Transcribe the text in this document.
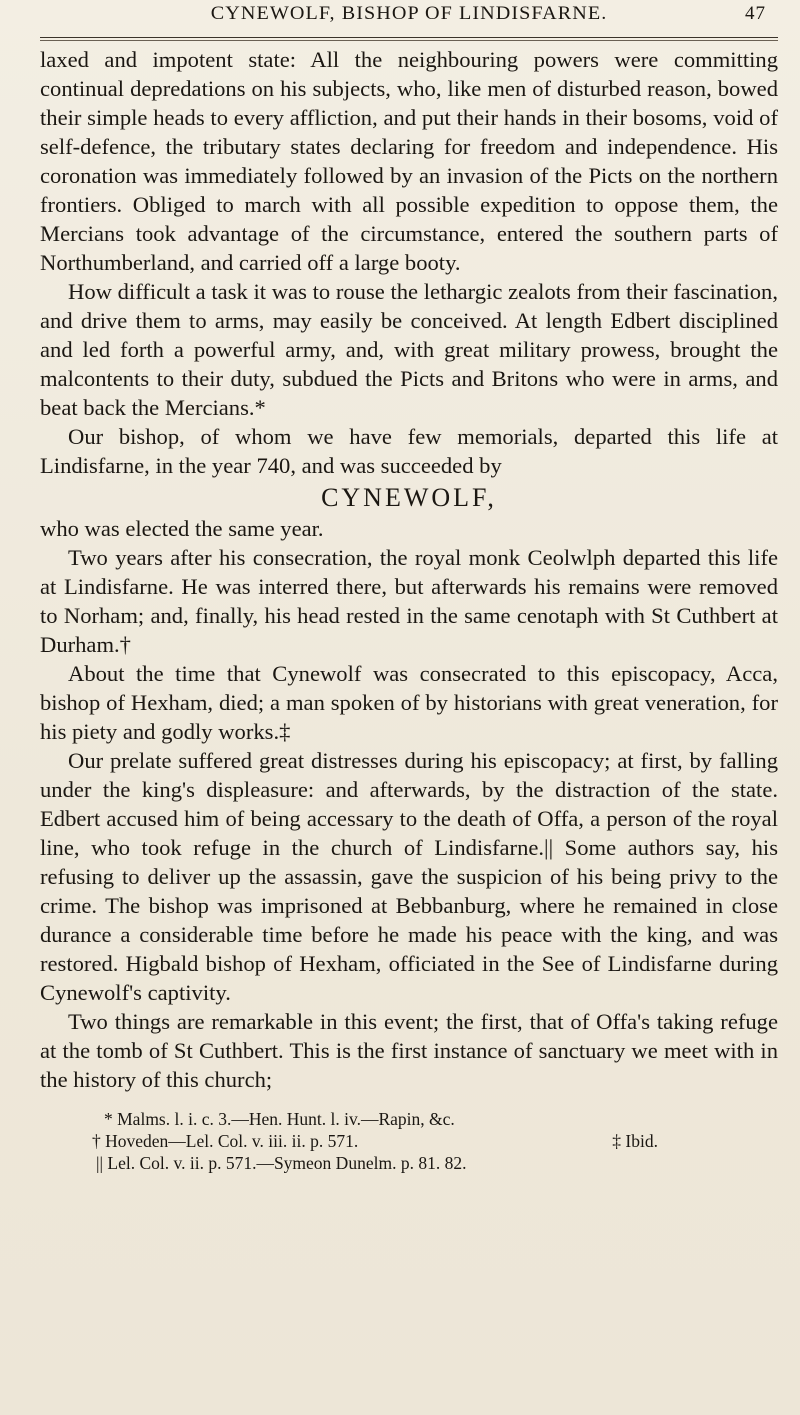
CYNEWOLF, BISHOP OF LINDISFARNE.	47

laxed and impotent state: All the neighbouring powers were committing continual depredations on his subjects, who, like men of disturbed reason, bowed their simple heads to every affliction, and put their hands in their bosoms, void of self-defence, the tributary states declaring for freedom and independence. His coronation was immediately followed by an invasion of the Picts on the northern frontiers. Obliged to march with all possible expedition to oppose them, the Mercians took advantage of the circumstance, entered the southern parts of Northumberland, and carried off a large booty.

How difficult a task it was to rouse the lethargic zealots from their fascination, and drive them to arms, may easily be conceived. At length Edbert disciplined and led forth a powerful army, and, with great military prowess, brought the malcontents to their duty, subdued the Picts and Britons who were in arms, and beat back the Mercians.*

Our bishop, of whom we have few memorials, departed this life at Lindisfarne, in the year 740, and was succeeded by

CYNEWOLF,

who was elected the same year.

Two years after his consecration, the royal monk Ceolwlph departed this life at Lindisfarne. He was interred there, but afterwards his remains were removed to Norham; and, finally, his head rested in the same cenotaph with St Cuthbert at Durham.†

About the time that Cynewolf was consecrated to this episcopacy, Acca, bishop of Hexham, died; a man spoken of by historians with great veneration, for his piety and godly works.‡

Our prelate suffered great distresses during his episcopacy; at first, by falling under the king's displeasure: and afterwards, by the distraction of the state. Edbert accused him of being accessary to the death of Offa, a person of the royal line, who took refuge in the church of Lindisfarne.|| Some authors say, his refusing to deliver up the assassin, gave the suspicion of his being privy to the crime. The bishop was imprisoned at Bebbanburg, where he remained in close durance a considerable time before he made his peace with the king, and was restored. Higbald bishop of Hexham, officiated in the See of Lindisfarne during Cynewolf's captivity.

Two things are remarkable in this event; the first, that of Offa's taking refuge at the tomb of St Cuthbert. This is the first instance of sanctuary we meet with in the history of this church;

* Malms. l. i. c. 3.—Hen. Hunt. l. iv.—Rapin, &c.
† Hoveden—Lel. Col. v. iii. ii. p. 571.	‡ Ibid.
|| Lel. Col. v. ii. p. 571.—Symeon Dunelm. p. 81. 82.
